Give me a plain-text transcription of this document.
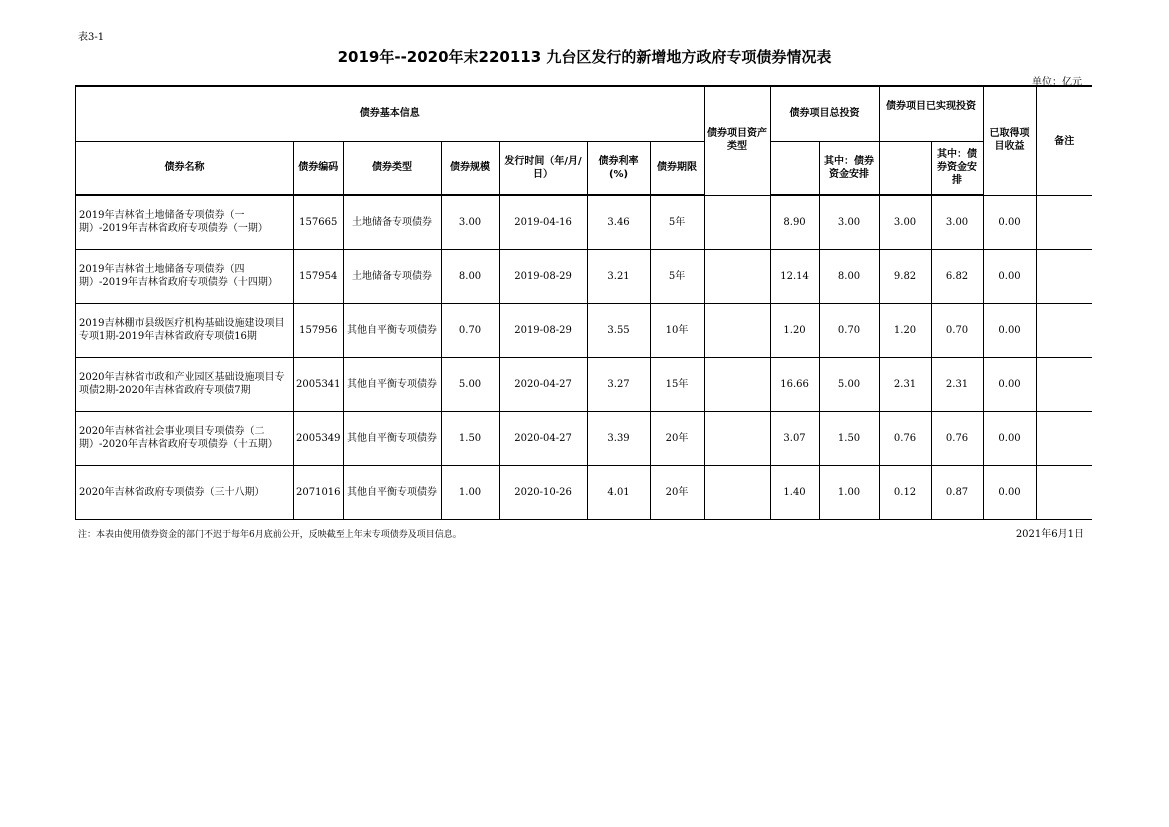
表3-1
2019年--2020年末220113 九台区发行的新增地方政府专项债券情况表
单位：亿元
债券基本信息							债券项目资产类型	债券项目总投资		债券项目已实现投资		已取得项目收益	备注
债券名称	债券编码	债券类型	债券规模	发行时间（年/月/日）	债券利率(%)	债券期限			其中：债券资金安排		其中：债券资金安排		
2019年吉林省土地储备专项债券（一期）-2019年吉林省政府专项债券（一期）	157665	土地储备专项债券	3.00	2019-04-16	3.46	5年		8.90	3.00	3.00	3.00	0.00	
2019年吉林省土地储备专项债券（四期）-2019年吉林省政府专项债券（十四期）	157954	土地储备专项债券	8.00	2019-08-29	3.21	5年		12.14	8.00	9.82	6.82	0.00	
2019吉林棚市县级医疗机构基础设施建设项目专项1期-2019年吉林省政府专项债16期	157956	其他自平衡专项债券	0.70	2019-08-29	3.55	10年		1.20	0.70	1.20	0.70	0.00	
2020年吉林省市政和产业园区基础设施项目专项债2期-2020年吉林省政府专项债7期	2005341	其他自平衡专项债券	5.00	2020-04-27	3.27	15年		16.66	5.00	2.31	2.31	0.00	
2020年吉林省社会事业项目专项债券（二期）-2020年吉林省政府专项债券（十五期）	2005349	其他自平衡专项债券	1.50	2020-04-27	3.39	20年		3.07	1.50	0.76	0.76	0.00	
2020年吉林省政府专项债券（三十八期）	2071016	其他自平衡专项债券	1.00	2020-10-26	4.01	20年		1.40	1.00	0.12	0.87	0.00	
注：本表由使用债券资金的部门不迟于每年6月底前公开，反映截至上年末专项债券及项目信息。	2021年6月1日
